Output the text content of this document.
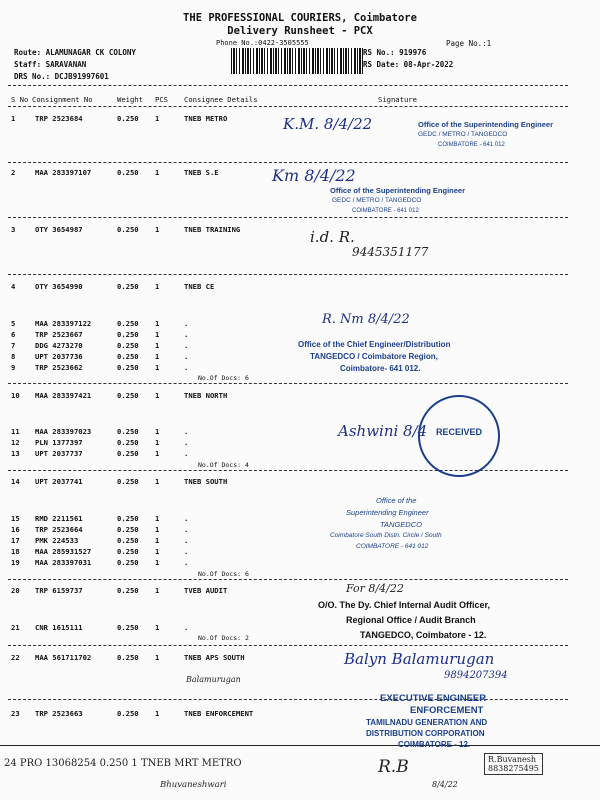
THE PROFESSIONAL COURIERS, Coimbatore
Delivery Runsheet - PCX
Phone No.:0422-3505555	Page No.:1
Route: ALAMUNAGAR CK COLONY
Staff: SARAVANAN
DRS No.: DCJB91997601
RS No.: 919976
RS Date: 08-Apr-2022
S No Consignment No	Weight PCS Consignee Details	Signature
1	TRP 2523684	0.250 1	TNEB METRO
2	MAA 283397107	0.250 1	TNEB S.E
3	OTY 3654987	0.250 1	TNEB TRAINING
4	OTY 3654990	0.250 1	TNEB CE
5	MAA 283397122	0.250 1	.
6	TRP 2523667	0.250 1	.
7	DDG 4273270	0.250 1	.
8	UPT 2037736	0.250 1	.
9	TRP 2523662	0.250 1	.
No.Of Docs: 6
10 MAA 283397421	0.250 1	TNEB NORTH
11 MAA 283397023	0.250 1	.
12 PLN 1377397	0.250 1	.
13 UPT 2037737	0.250 1	.
No.Of Docs: 4
14 UPT 2037741	0.250 1	TNEB SOUTH
15 RMD 2211561	0.250 1	.
16 TRP 2523664	0.250 1	.
17 PMK 224533	0.250 1	.
18 MAA 285931527	0.250 1	.
19 MAA 283397031	0.250 1	.
No.Of Docs: 6
20 TRP 6159737	0.250 1	TVEB AUDIT
21 CNR 1615111	0.250 1	.
No.Of Docs: 2
22 MAA 561711702	0.250 1	TNEB APS SOUTH
Balamurugan
23 TRP 2523663	0.250 1	TNEB ENFORCEMENT
24 PRO 13068254 0.250 1 TNEB MRT METRO
Bhuvaneshwari
Office of the Superintending Engineer
GEDC / METRO / TANGEDCO
COIMBATORE - 641 012
K.M. 8/4/22
Office of the Superintending Engineer
GEDC / METRO / TANGEDCO
COIMBATORE - 641 012
Km 8/4/22
i.d. R.
9445351177
R. Nm 8/4/22
Office of the Chief Engineer/Distribution
TANGEDCO / Coimbatore Region,
Coimbatore- 641 012.
Ashwini 8/4 RECEIVED
Office of the
Superintending Engineer
TANGEDCO
Coimbatore South Distn. Circle / South
COIMBATORE - 641 012
For 8/4/22
O/O. The Dy. Chief Internal Audit Officer,
Regional Office / Audit Branch
TANGEDCO, Coimbatore - 12.
Balyn Balamurugan
9894207394
EXECUTIVE ENGINEER
ENFORCEMENT
TAMILNADU GENERATION AND
DISTRIBUTION CORPORATION
COIMBATORE - 12.
R.B	R.Buvanesh
8838275495
8/4/22
